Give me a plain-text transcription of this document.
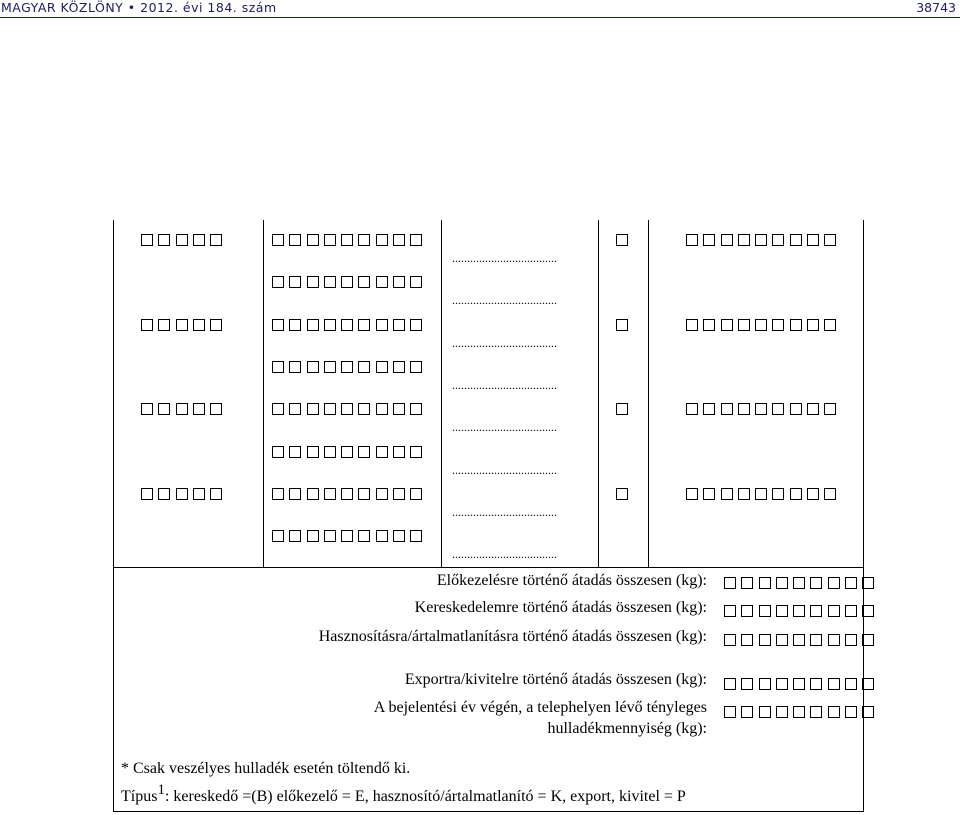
MAGYAR KÖZLÖNY • 2012. évi 184. szám	38743
...................................
...................................
...................................
...................................
...................................
...................................
...................................
...................................
Előkezelésre történő átadás összesen (kg):
Kereskedelemre történő átadás összesen (kg):
Hasznosításra/ártalmatlanításra történő átadás összesen (kg):
Exportra/kivitelre történő átadás összesen (kg):
A bejelentési év végén, a telephelyen lévő tényleges hulladékmennyiség (kg):
* Csak veszélyes hulladék esetén töltendő ki.
Típus1: kereskedő =(B) előkezelő = E, hasznosító/ártalmatlanító = K, export, kivitel = P
